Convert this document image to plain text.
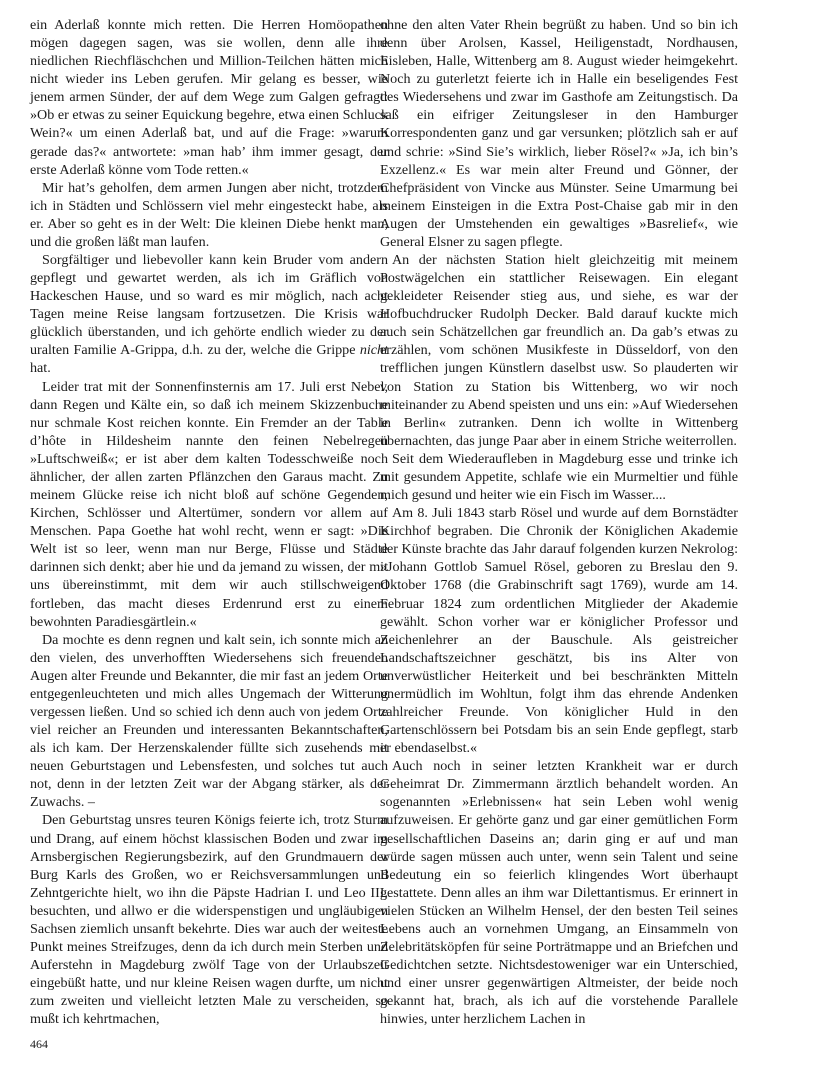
ein Aderlaß konnte mich retten. Die Herren Homöopathen mögen dagegen sagen, was sie wollen, denn alle ihre niedlichen Riechfläschchen und Million-Teilchen hätten mich nicht wieder ins Leben gerufen. Mir gelang es besser, wie jenem armen Sünder, der auf dem Wege zum Galgen gefragt: »Ob er etwas zu seiner Equickung begehre, etwa einen Schluck Wein?« um einen Aderlaß bat, und auf die Frage: »warum gerade das?« antwortete: »man hab’ ihm immer gesagt, der erste Aderlaß könne vom Tode retten.«

Mir hat’s geholfen, dem armen Jungen aber nicht, trotzdem ich in Städten und Schlössern viel mehr eingesteckt habe, als er. Aber so geht es in der Welt: Die kleinen Diebe henkt man, und die großen läßt man laufen.

Sorgfältiger und liebevoller kann kein Bruder vom andern gepflegt und gewartet werden, als ich im Gräflich von Hackeschen Hause, und so ward es mir möglich, nach acht Tagen meine Reise langsam fortzusetzen. Die Krisis war glücklich überstanden, und ich gehörte endlich wieder zu der uralten Familie A-Grippa, d.h. zu der, welche die Grippe nicht hat.

Leider trat mit der Sonnenfinsternis am 17. Juli erst Nebel, dann Regen und Kälte ein, so daß ich meinem Skizzenbuche nur schmale Kost reichen konnte. Ein Fremder an der Table d’hôte in Hildesheim nannte den feinen Nebelregen »Luftschweiß«; er ist aber dem kalten Todesschweiße noch ähnlicher, der allen zarten Pflänzchen den Garaus macht. Zu meinem Glücke reise ich nicht bloß auf schöne Gegenden, Kirchen, Schlösser und Altertümer, sondern vor allem auf Menschen. Papa Goethe hat wohl recht, wenn er sagt: »Die Welt ist so leer, wenn man nur Berge, Flüsse und Städte darinnen sich denkt; aber hie und da jemand zu wissen, der mit uns übereinstimmt, mit dem wir auch stillschweigend fortleben, das macht dieses Erdenrund erst zu einem bewohnten Paradiesgärtlein.«

Da mochte es denn regnen und kalt sein, ich sonnte mich an den vielen, des unverhofften Wiedersehens sich freuenden Augen alter Freunde und Bekannter, die mir fast an jedem Orte entgegenleuchteten und mich alles Ungemach der Witterung vergessen ließen. Und so schied ich denn auch von jedem Orte viel reicher an Freunden und interessanten Bekanntschaften, als ich kam. Der Herzenskalender füllte sich zusehends mit neuen Geburtstagen und Lebensfesten, und solches tut auch not, denn in der letzten Zeit war der Abgang stärker, als der Zuwachs. –

Den Geburtstag unsres teuren Königs feierte ich, trotz Sturm und Drang, auf einem höchst klassischen Boden und zwar im Arnsbergischen Regierungsbezirk, auf den Grundmauern der Burg Karls des Großen, wo er Reichsversammlungen und Zehntgerichte hielt, wo ihn die Päpste Hadrian I. und Leo III. besuchten, und allwo er die widerspenstigen und ungläubigen Sachsen ziemlich unsanft bekehrte. Dies war auch der weiteste Punkt meines Streifzuges, denn da ich durch mein Sterben und Auferstehn in Magdeburg zwölf Tage von der Urlaubszeit eingebüßt hatte, und nur kleine Reisen wagen durfte, um nicht zum zweiten und vielleicht letzten Male zu verscheiden, so mußt ich kehrtmachen,

ohne den alten Vater Rhein begrüßt zu haben. Und so bin ich denn über Arolsen, Kassel, Heiligenstadt, Nordhausen, Eisleben, Halle, Wittenberg am 8. August wieder heimgekehrt. Noch zu guterletzt feierte ich in Halle ein beseligendes Fest des Wiedersehens und zwar im Gasthofe am Zeitungstisch. Da saß ein eifriger Zeitungsleser in den Hamburger Korrespondenten ganz und gar versunken; plötzlich sah er auf und schrie: »Sind Sie’s wirklich, lieber Rösel?« »Ja, ich bin’s Exzellenz.« Es war mein alter Freund und Gönner, der Chefpräsident von Vincke aus Münster. Seine Umarmung bei meinem Einsteigen in die Extra Post-Chaise gab mir in den Augen der Umstehenden ein gewaltiges »Basrelief«, wie General Elsner zu sagen pflegte.

An der nächsten Station hielt gleichzeitig mit meinem Postwägelchen ein stattlicher Reisewagen. Ein elegant gekleideter Reisender stieg aus, und siehe, es war der Hofbuchdrucker Rudolph Decker. Bald darauf kuckte mich auch sein Schätzellchen gar freundlich an. Da gab’s etwas zu erzählen, vom schönen Musikfeste in Düsseldorf, von den trefflichen jungen Künstlern daselbst usw. So plauderten wir von Station zu Station bis Wittenberg, wo wir noch miteinander zu Abend speisten und uns ein: »Auf Wiedersehen in Berlin« zutranken. Denn ich wollte in Wittenberg übernachten, das junge Paar aber in einem Striche weiterrollen.

Seit dem Wiederaufleben in Magdeburg esse und trinke ich mit gesundem Appetite, schlafe wie ein Murmeltier und fühle mich gesund und heiter wie ein Fisch im Wasser....

Am 8. Juli 1843 starb Rösel und wurde auf dem Bornstädter Kirchhof begraben. Die Chronik der Königlichen Akademie der Künste brachte das Jahr darauf folgenden kurzen Nekrolog: »Johann Gottlob Samuel Rösel, geboren zu Breslau den 9. Oktober 1768 (die Grabinschrift sagt 1769), wurde am 14. Februar 1824 zum ordentlichen Mitglieder der Akademie gewählt. Schon vorher war er königlicher Professor und Zeichenlehrer an der Bauschule. Als geistreicher Landschaftszeichner geschätzt, bis ins Alter von unverwüstlicher Heiterkeit und bei beschränkten Mitteln unermüdlich im Wohltun, folgt ihm das ehrende Andenken zahlreicher Freunde. Von königlicher Huld in den Gartenschlössern bei Potsdam bis an sein Ende gepflegt, starb er ebendaselbst.«

Auch noch in seiner letzten Krankheit war er durch Geheimrat Dr. Zimmermann ärztlich behandelt worden. An sogenannten »Erlebnissen« hat sein Leben wohl wenig aufzuweisen. Er gehörte ganz und gar einer gemütlichen Form gesellschaftlichen Daseins an; darin ging er auf und man würde sagen müssen auch unter, wenn sein Talent und seine Bedeutung ein so feierlich klingendes Wort überhaupt gestattete. Denn alles an ihm war Dilettantismus. Er erinnert in vielen Stücken an Wilhelm Hensel, der den besten Teil seines Lebens auch an vornehmen Umgang, an Einsammeln von Zelebritätsköpfen für seine Porträtmappe und an Briefchen und Gedichtchen setzte. Nichtsdestoweniger war ein Unterschied, und einer unsrer gegenwärtigen Altmeister, der beide noch gekannt hat, brach, als ich auf die vorstehende Parallele hinwies, unter herzlichem Lachen in

464
